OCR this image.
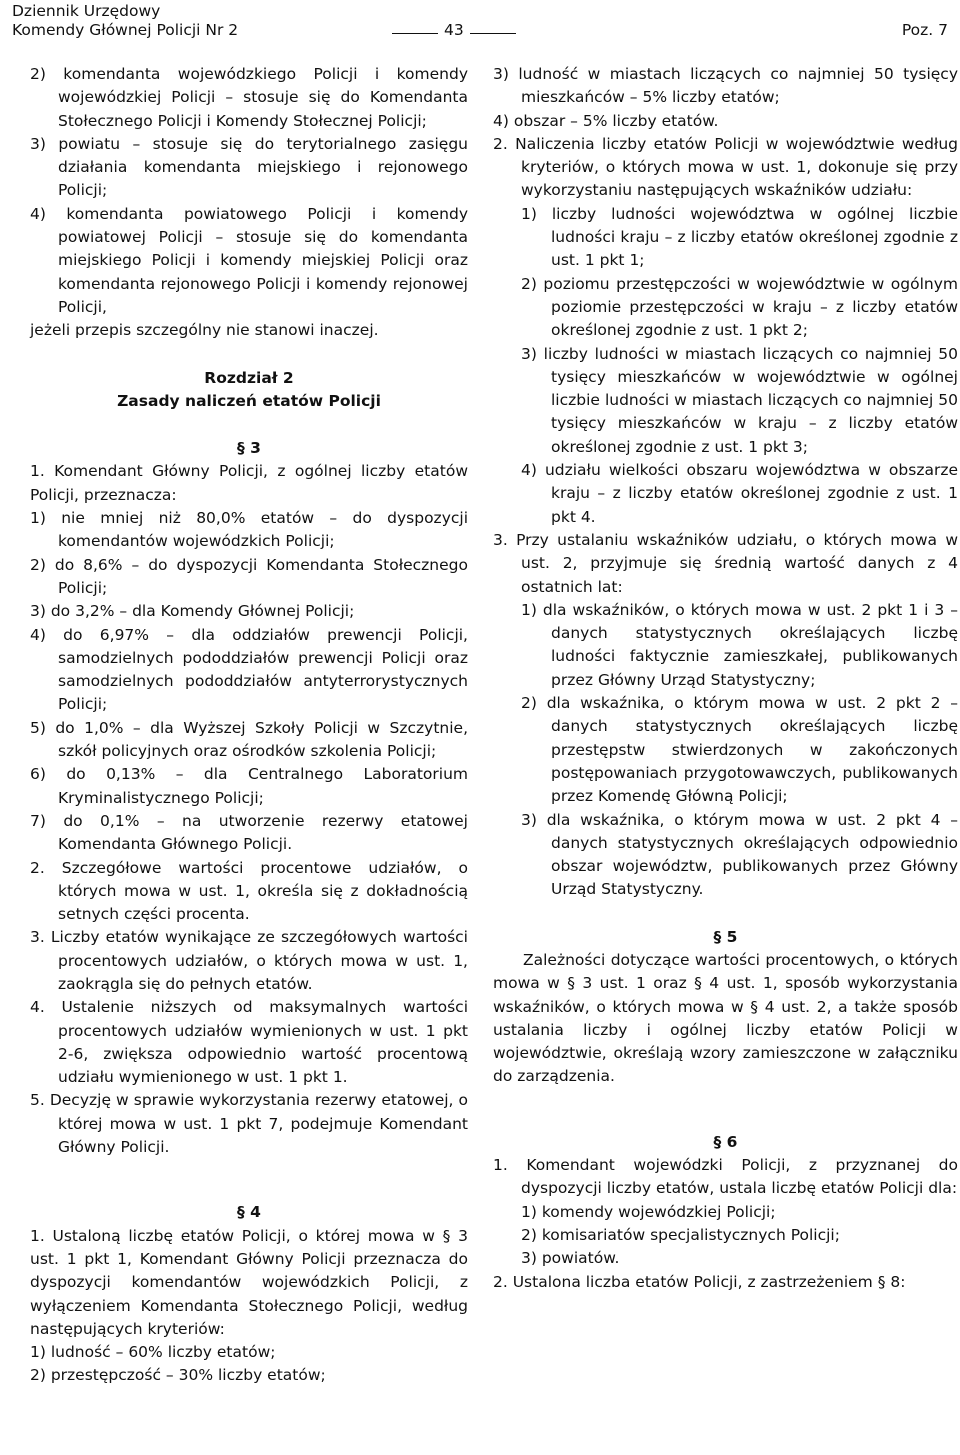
Dziennik Urzędowy
Komendy Głównej Policji Nr 2	43	Poz. 7

2) komendanta wojewódzkiego Policji i komendy wojewódzkiej Policji – stosuje się do Komendanta Stołecznego Policji i Komendy Stołecznej Policji;

3) powiatu – stosuje się do terytorialnego zasięgu działania komendanta miejskiego i rejonowego Policji;

4) komendanta powiatowego Policji i komendy powiatowej Policji – stosuje się do komendanta miejskiego Policji i komendy miejskiej Policji oraz komendanta rejonowego Policji i komendy rejonowej Policji,

jeżeli przepis szczególny nie stanowi inaczej.

Rozdział 2

Zasady naliczeń etatów Policji

§ 3

1. Komendant Główny Policji, z ogólnej liczby etatów Policji, przeznacza:

1) nie mniej niż 80,0% etatów – do dyspozycji komendantów wojewódzkich Policji;

2) do 8,6% – do dyspozycji Komendanta Stołecznego Policji;

3) do 3,2% – dla Komendy Głównej Policji;

4) do 6,97% – dla oddziałów prewencji Policji, samodzielnych pododdziałów prewencji Policji oraz samodzielnych pododdziałów antyterrorystycznych Policji;

5) do 1,0% – dla Wyższej Szkoły Policji w Szczytnie, szkół policyjnych oraz ośrodków szkolenia Policji;

6) do 0,13% – dla Centralnego Laboratorium Kryminalistycznego Policji;

7) do 0,1% – na utworzenie rezerwy etatowej Komendanta Głównego Policji.

2. Szczegółowe wartości procentowe udziałów, o których mowa w ust. 1, określa się z dokładnością setnych części procenta.

3. Liczby etatów wynikające ze szczegółowych wartości procentowych udziałów, o których mowa w ust. 1, zaokrągla się do pełnych etatów.

4. Ustalenie niższych od maksymalnych wartości procentowych udziałów wymienionych w ust. 1 pkt 2-6, zwiększa odpowiednio wartość procentową udziału wymienionego w ust. 1 pkt 1.

5. Decyzję w sprawie wykorzystania rezerwy etatowej, o której mowa w ust. 1 pkt 7, podejmuje Komendant Główny Policji.

§ 4

1. Ustaloną liczbę etatów Policji, o której mowa w § 3 ust. 1 pkt 1, Komendant Główny Policji przeznacza do dyspozycji komendantów wojewódzkich Policji, z wyłączeniem Komendanta Stołecznego Policji, według następujących kryteriów:

1) ludność – 60% liczby etatów;

2) przestępczość – 30% liczby etatów;

3) ludność w miastach liczących co najmniej 50 tysięcy mieszkańców – 5% liczby etatów;

4) obszar – 5% liczby etatów.

2. Naliczenia liczby etatów Policji w województwie według kryteriów, o których mowa w ust. 1, dokonuje się przy wykorzystaniu następujących wskaźników udziału:

1) liczby ludności województwa w ogólnej liczbie ludności kraju – z liczby etatów określonej zgodnie z ust. 1 pkt 1;

2) poziomu przestępczości w województwie w ogólnym poziomie przestępczości w kraju – z liczby etatów określonej zgodnie z ust. 1 pkt 2;

3) liczby ludności w miastach liczących co najmniej 50 tysięcy mieszkańców w województwie w ogólnej liczbie ludności w miastach liczących co najmniej 50 tysięcy mieszkańców w kraju – z liczby etatów określonej zgodnie z ust. 1 pkt 3;

4) udziału wielkości obszaru województwa w obszarze kraju – z liczby etatów określonej zgodnie z ust. 1 pkt 4.

3. Przy ustalaniu wskaźników udziału, o których mowa w ust. 2, przyjmuje się średnią wartość danych z 4 ostatnich lat:

1) dla wskaźników, o których mowa w ust. 2 pkt 1 i 3 – danych statystycznych określających liczbę ludności faktycznie zamieszkałej, publikowanych przez Główny Urząd Statystyczny;

2) dla wskaźnika, o którym mowa w ust. 2 pkt 2 – danych statystycznych określających liczbę przestępstw stwierdzonych w zakończonych postępowaniach przygotowawczych, publikowanych przez Komendę Główną Policji;

3) dla wskaźnika, o którym mowa w ust. 2 pkt 4 – danych statystycznych określających odpowiednio obszar województw, publikowanych przez Główny Urząd Statystyczny.

§ 5

Zależności dotyczące wartości procentowych, o których mowa w § 3 ust. 1 oraz § 4 ust. 1, sposób wykorzystania wskaźników, o których mowa w § 4 ust. 2, a także sposób ustalania liczby i ogólnej liczby etatów Policji w województwie, określają wzory zamieszczone w załączniku do zarządzenia.

§ 6

1. Komendant wojewódzki Policji, z przyznanej do dyspozycji liczby etatów, ustala liczbę etatów Policji dla:

1) komendy wojewódzkiej Policji;

2) komisariatów specjalistycznych Policji;

3) powiatów.

2. Ustalona liczba etatów Policji, z zastrzeżeniem § 8:
